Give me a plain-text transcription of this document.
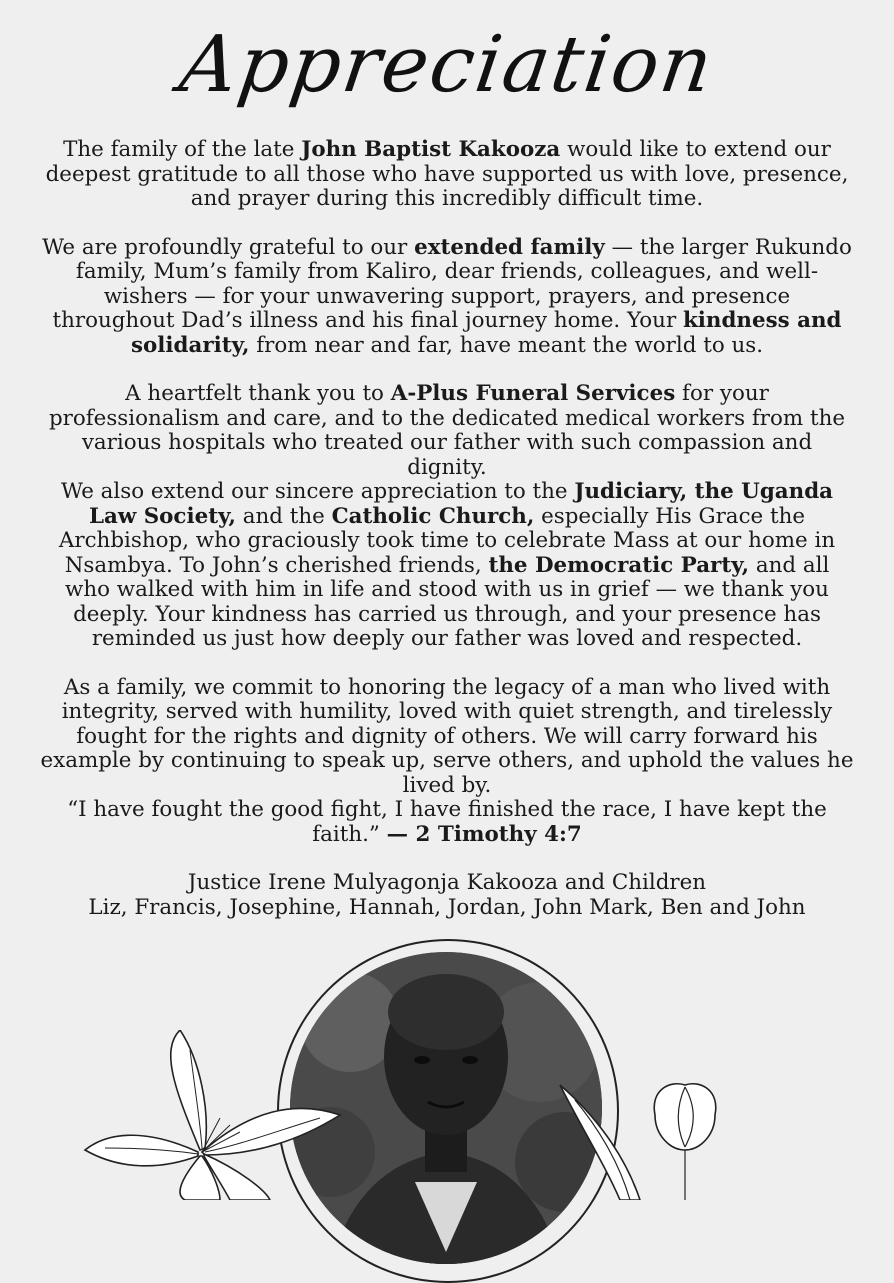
Appreciation

The family of the late John Baptist Kakooza would like to extend our deepest gratitude to all those who have supported us with love, presence, and prayer during this incredibly difficult time.

We are profoundly grateful to our extended family — the larger Rukundo family, Mum’s family from Kaliro, dear friends, colleagues, and well-wishers — for your unwavering support, prayers, and presence throughout Dad’s illness and his final journey home. Your kindness and solidarity, from near and far, have meant the world to us.

A heartfelt thank you to A-Plus Funeral Services for your professionalism and care, and to the dedicated medical workers from the various hospitals who treated our father with such compassion and dignity.

We also extend our sincere appreciation to the Judiciary, the Uganda Law Society, and the Catholic Church, especially His Grace the Archbishop, who graciously took time to celebrate Mass at our home in Nsambya. To John’s cherished friends, the Democratic Party, and all who walked with him in life and stood with us in grief — we thank you deeply. Your kindness has carried us through, and your presence has reminded us just how deeply our father was loved and respected.

As a family, we commit to honoring the legacy of a man who lived with integrity, served with humility, loved with quiet strength, and tirelessly fought for the rights and dignity of others. We will carry forward his example by continuing to speak up, serve others, and uphold the values he lived by.

“I have fought the good fight, I have finished the race, I have kept the faith.” — 2 Timothy 4:7

Justice Irene Mulyagonja Kakooza and Children
Liz, Francis, Josephine, Hannah, Jordan, John Mark, Ben and John
